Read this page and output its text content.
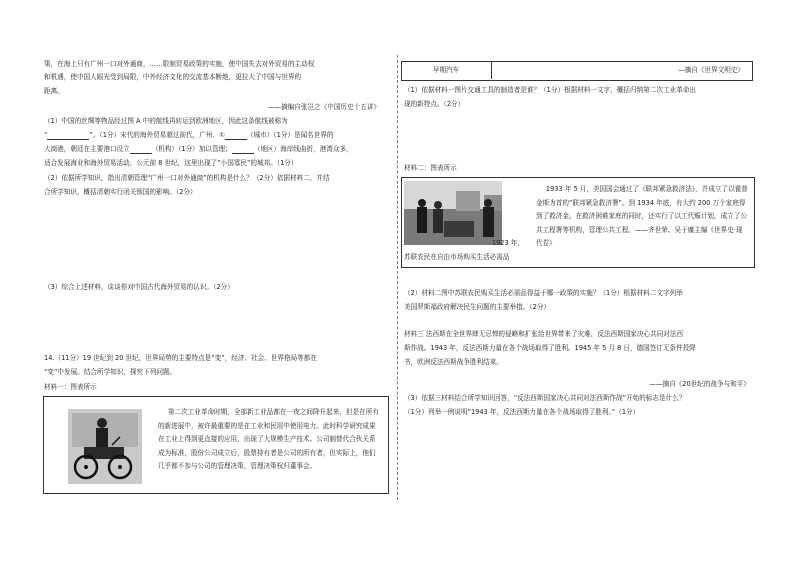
策，在海上只有广州一口对外通商，……限制贸易政策的实施，使中国失去对外贸易的主动权
和机遇，使中国人眼光受到局限，中外经济文化的交流基本断绝，更拉大了中国与世界的
距离。
——摘编自张岂之《中国历史十五讲》
（1）中国的丝绸等物品经过图 A 中的航线再转运到欧洲地区，因此这条航线被称为
“	”。（1分）宋代的海外贸易超过前代，广州、①	（城市）（1分）是闻名世界的
大商港，朝廷在主要港口设立	（机构）（1分）加以管理；	（地区）海岸线曲折，港湾众多，
适合发展海业和海外贸易活动，公元前 8 世纪，这里出现了“小国寡民”的城邦。（1分）
（2）依据所学知识，指出清朝管理“广州一口对外通商”的机构是什么？（2分）依据材料二，并结
合所学知识，概括清朝实行闭关锁国的影响。（2分）
（3）综合上述材料，谈谈你对中国古代海外贸易的认识。（2分）
14.（11分）19 世纪到 20 世纪，世界局势的主要特点是“变”，经济、社会、世界格局等都在
“变”中发展。结合所学知识，探究下列问题。
材料一：图表所示
第二次工业革命时期，全部新工业品都在一夜之间降升起来，但是在所有的新进展中，被许最重要的是在工业和民用中使用电力。此时科学研究成果在工业上得到更直接的应用，出现了大规模生产技术。公司制替代合伙关系成为标准，股份公司成立后，股票持有者是公司的所有者，但实际上，他们几乎都不参与公司的管理决策，管理决策权归董事会。
早期汽车	—摘自《世界文明史》
（1）依据材料一图片交通工具的制造者是谁？（1分）根据材料一文字，概括归纳第二次工业革命出
现的新特点。（2分）
材料二：图表所示
1923 年，
苏联农民在自由市场购买生活必需品
1933 年 5 月，美国国会通过了《联邦紧急救济法》，并成立了以霍普金斯为首的“联邦紧急救济署”。到 1934 年底，有大约 200 万个家庭得到了救济金。在救济困难家庭的同时，还实行了以工代赈计划，成立了公共工程署等机构，管理公共工程。——齐世荣、吴于廑主编《世界史·现代卷》
（2）材料二图中苏联农民购买生活必需品得益于哪一政策的实施？（1分）根据材料二文字列举
美国罗斯福政府解决民生问题的主要举措。（2分）
材料三 法西斯在全世界肆无忌惮的侵略和扩张给世界带来了灾难，反法西斯国家决心共同对法西
斯作战。1943 年，反法西斯力量在各个战场取得了胜利。1945 年 5 月 8 日，德国签订无条件投降
书，欧洲反法西斯战争胜利结束。
——摘自《20世纪的战争与和平》
（3）依据三材料结合所学知识回答，“反法西斯国家决心共同对法西斯作战”开始的标志是什么？
（1分）列举一例说明“1943 年，反法西斯力量在各个战场取得了胜利。”（1分）
